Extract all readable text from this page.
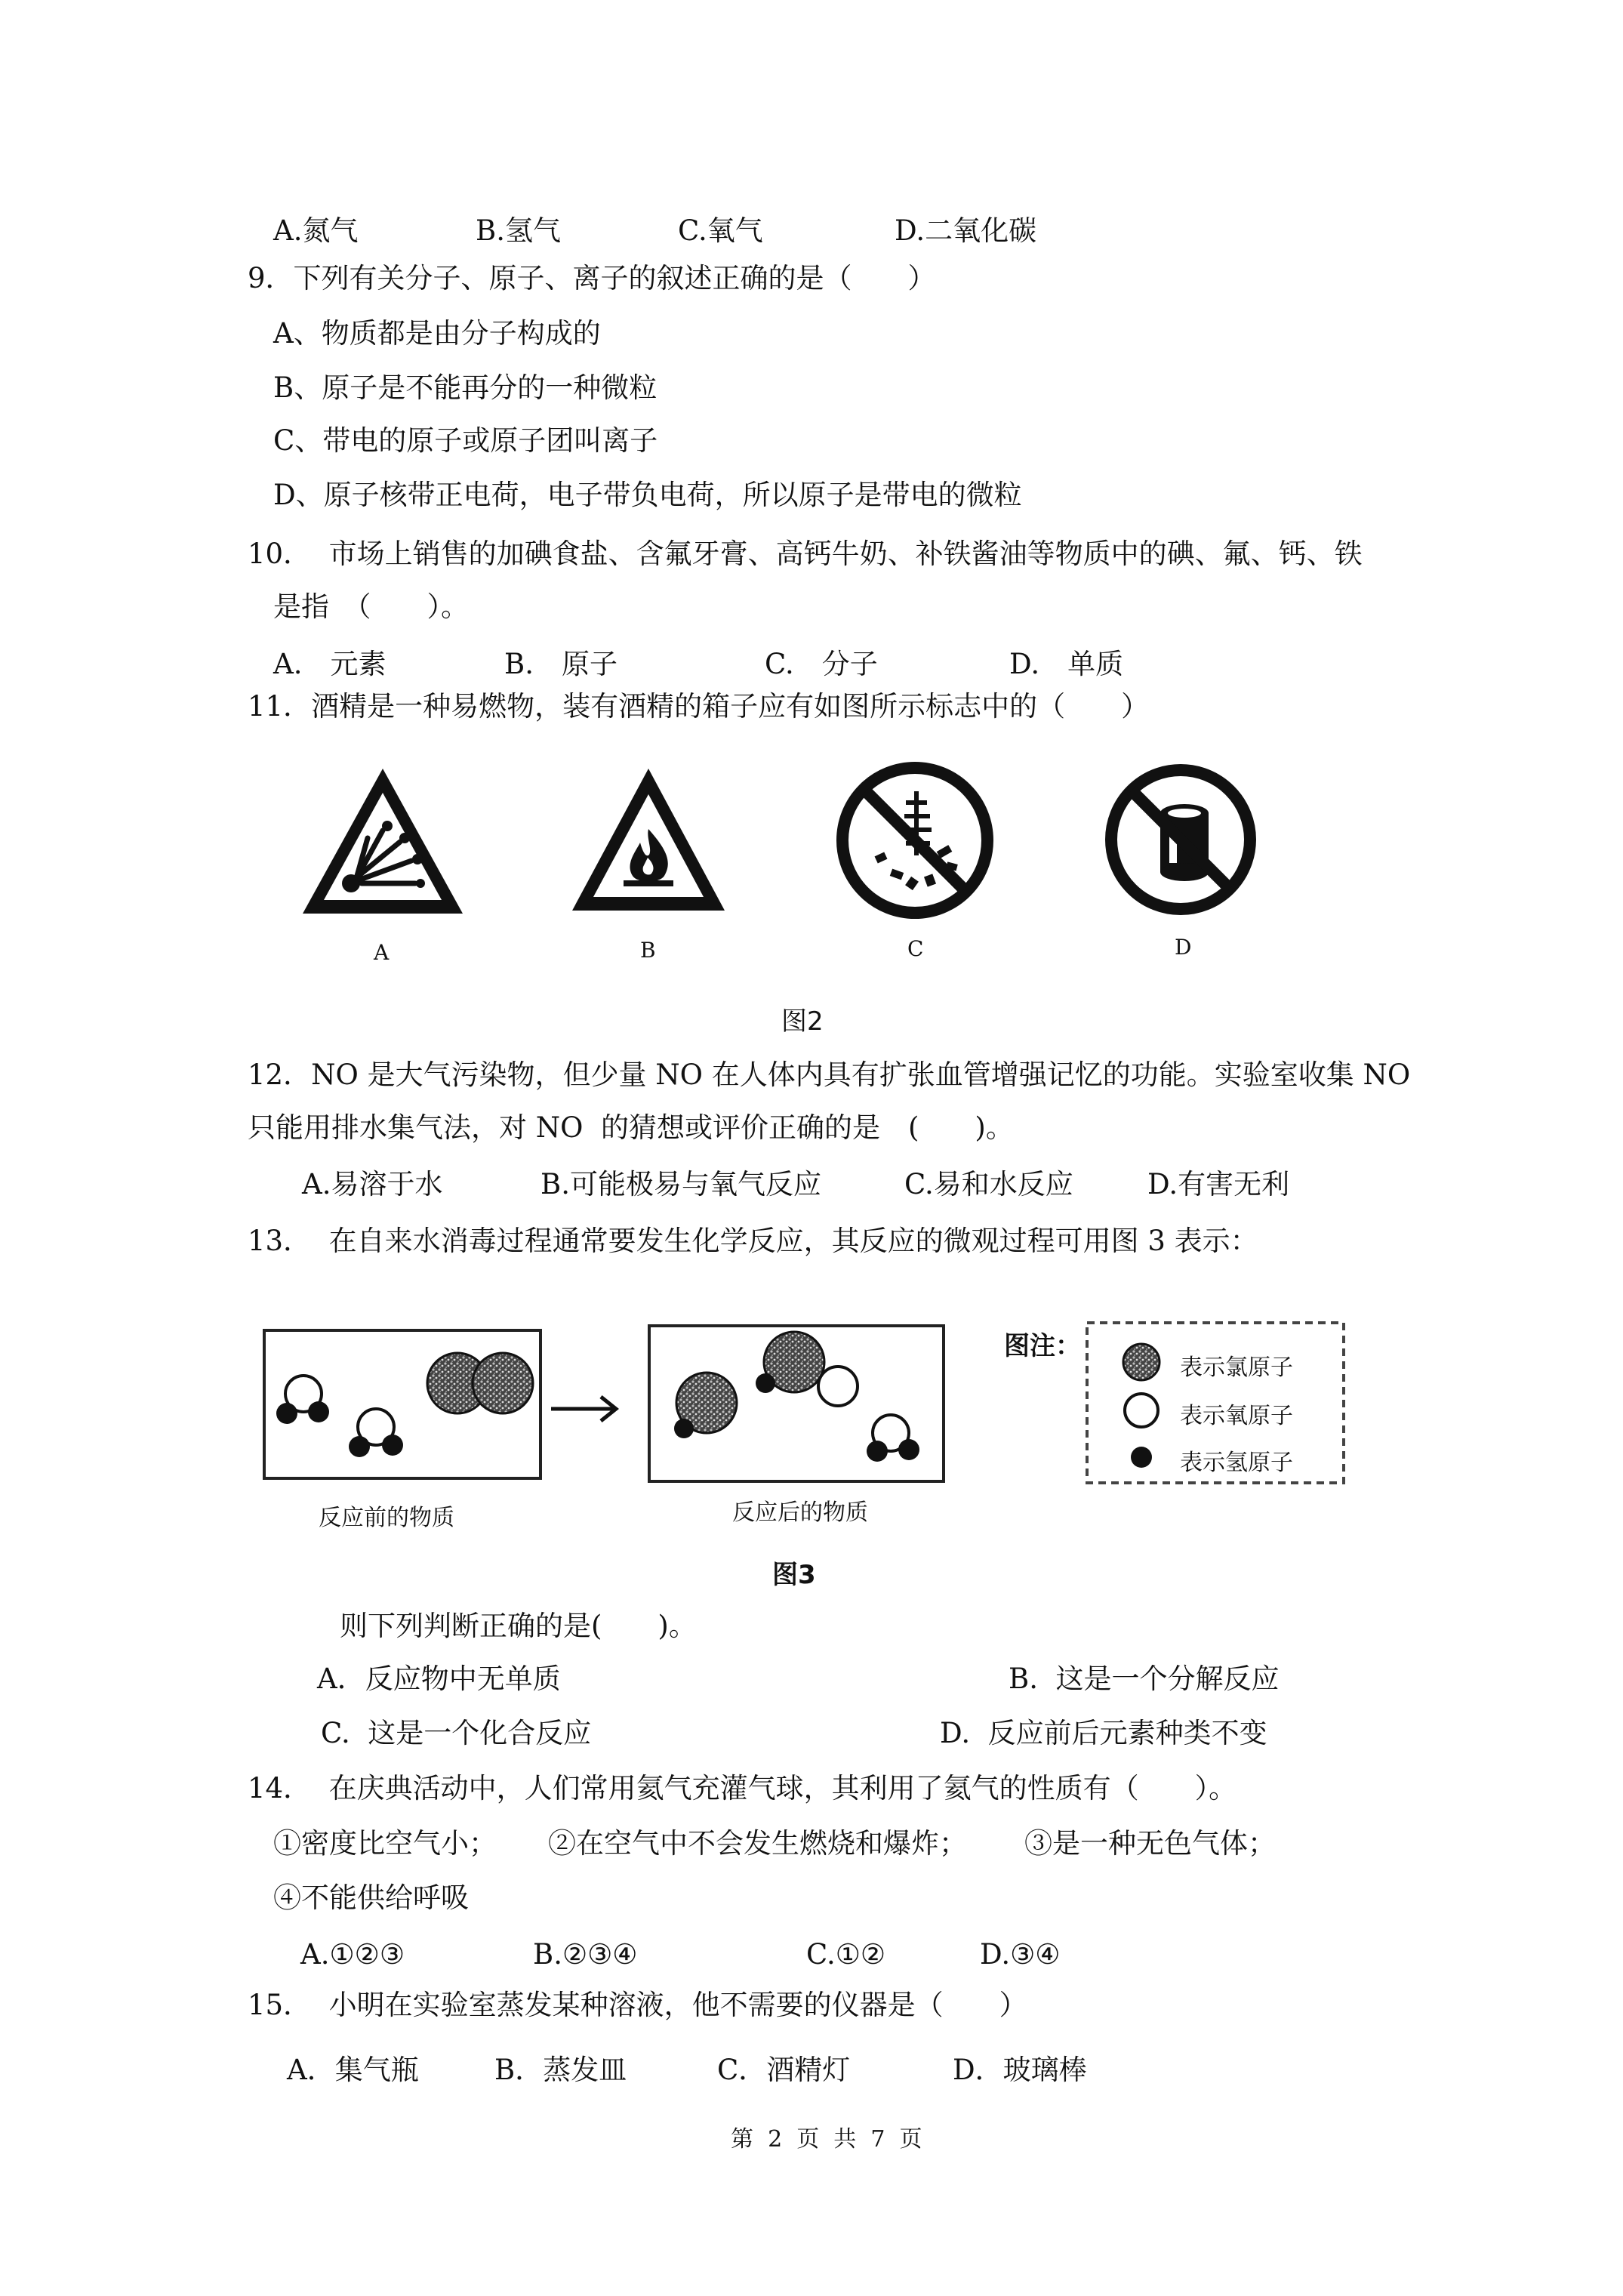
A.氮气	B.氢气	C.氧气	D.二氧化碳
9．下列有关分子、原子、离子的叙述正确的是（　　）
A、物质都是由分子构成的
B、原子是不能再分的一种微粒
C、带电的原子或原子团叫离子
D、原子核带正电荷，电子带负电荷，所以原子是带电的微粒
10．  市场上销售的加碘食盐、含氟牙膏、高钙牛奶、补铁酱油等物质中的碘、氟、钙、铁
是指　（　　）。
A.　元素	B.　原子	C.　分子	D.　单质
11．酒精是一种易燃物，装有酒精的箱子应有如图所示标志中的（　　）
A	B	C	D
图2
12．NO 是大气污染物，但少量 NO 在人体内具有扩张血管增强记忆的功能。实验室收集 NO
只能用排水集气法，对 NO  的猜想或评价正确的是　(　　)。
A.易溶于水	B.可能极易与氧气反应	C.易和水反应	D.有害无利
13．  在自来水消毒过程通常要发生化学反应，其反应的微观过程可用图 3 表示：
图注：
表示氯原子
表示氧原子
表示氢原子
反应前的物质	反应后的物质
图3
则下列判断正确的是(　　)。
A．反应物中无单质	B.  这是一个分解反应
C.  这是一个化合反应	D.  反应前后元素种类不变
14．  在庆典活动中，人们常用氦气充灌气球，其利用了氦气的性质有（　　）。
①密度比空气小； ②在空气中不会发生燃烧和爆炸； ③是一种无色气体；
④不能供给呼吸
A.①②③	B.②③④	C.①②	D.③④
15．  小明在实验室蒸发某种溶液，他不需要的仪器是（　　）
A．集气瓶	B．蒸发皿	C．酒精灯	D．玻璃棒
第  2  页  共  7  页
